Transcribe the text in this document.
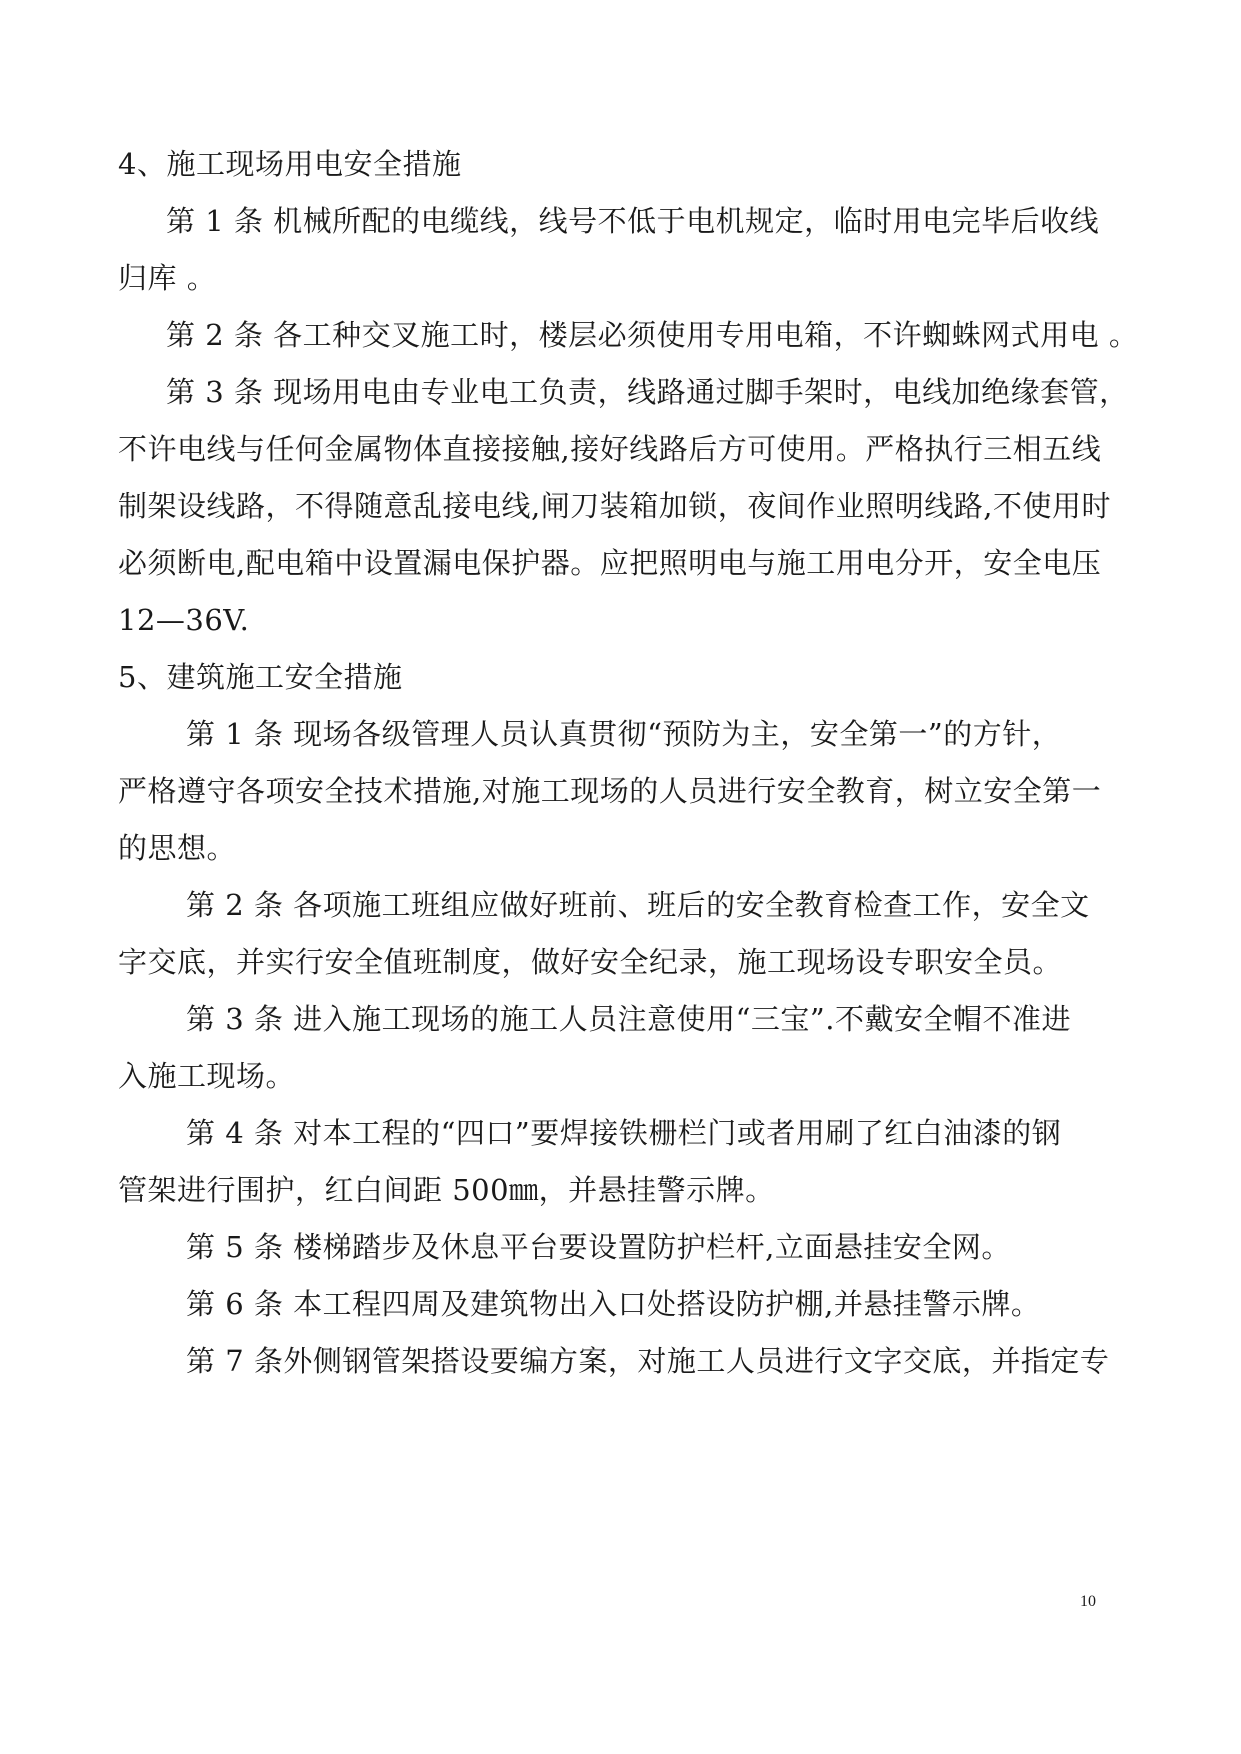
4、施工现场用电安全措施
第 1 条 机械所配的电缆线，线号不低于电机规定，临时用电完毕后收线
归库 。
第 2 条 各工种交叉施工时，楼层必须使用专用电箱，不许蜘蛛网式用电 。
第 3 条 现场用电由专业电工负责，线路通过脚手架时，电线加绝缘套管，
不许电线与任何金属物体直接接触,接好线路后方可使用。严格执行三相五线
制架设线路，不得随意乱接电线,闸刀装箱加锁，夜间作业照明线路,不使用时
必须断电,配电箱中设置漏电保护器。应把照明电与施工用电分开，安全电压
12—36V.
5、建筑施工安全措施
第 1 条 现场各级管理人员认真贯彻“预防为主，安全第一”的方针，
严格遵守各项安全技术措施,对施工现场的人员进行安全教育，树立安全第一
的思想。
第 2 条 各项施工班组应做好班前、班后的安全教育检查工作，安全文
字交底，并实行安全值班制度，做好安全纪录，施工现场设专职安全员。
第 3 条 进入施工现场的施工人员注意使用“三宝”.不戴安全帽不准进
入施工现场。
第 4 条 对本工程的“四口”要焊接铁栅栏门或者用刷了红白油漆的钢
管架进行围护，红白间距 500㎜，并悬挂警示牌。
第 5 条 楼梯踏步及休息平台要设置防护栏杆,立面悬挂安全网。
第 6 条 本工程四周及建筑物出入口处搭设防护棚,并悬挂警示牌。
第 7 条外侧钢管架搭设要编方案，对施工人员进行文字交底，并指定专
10
